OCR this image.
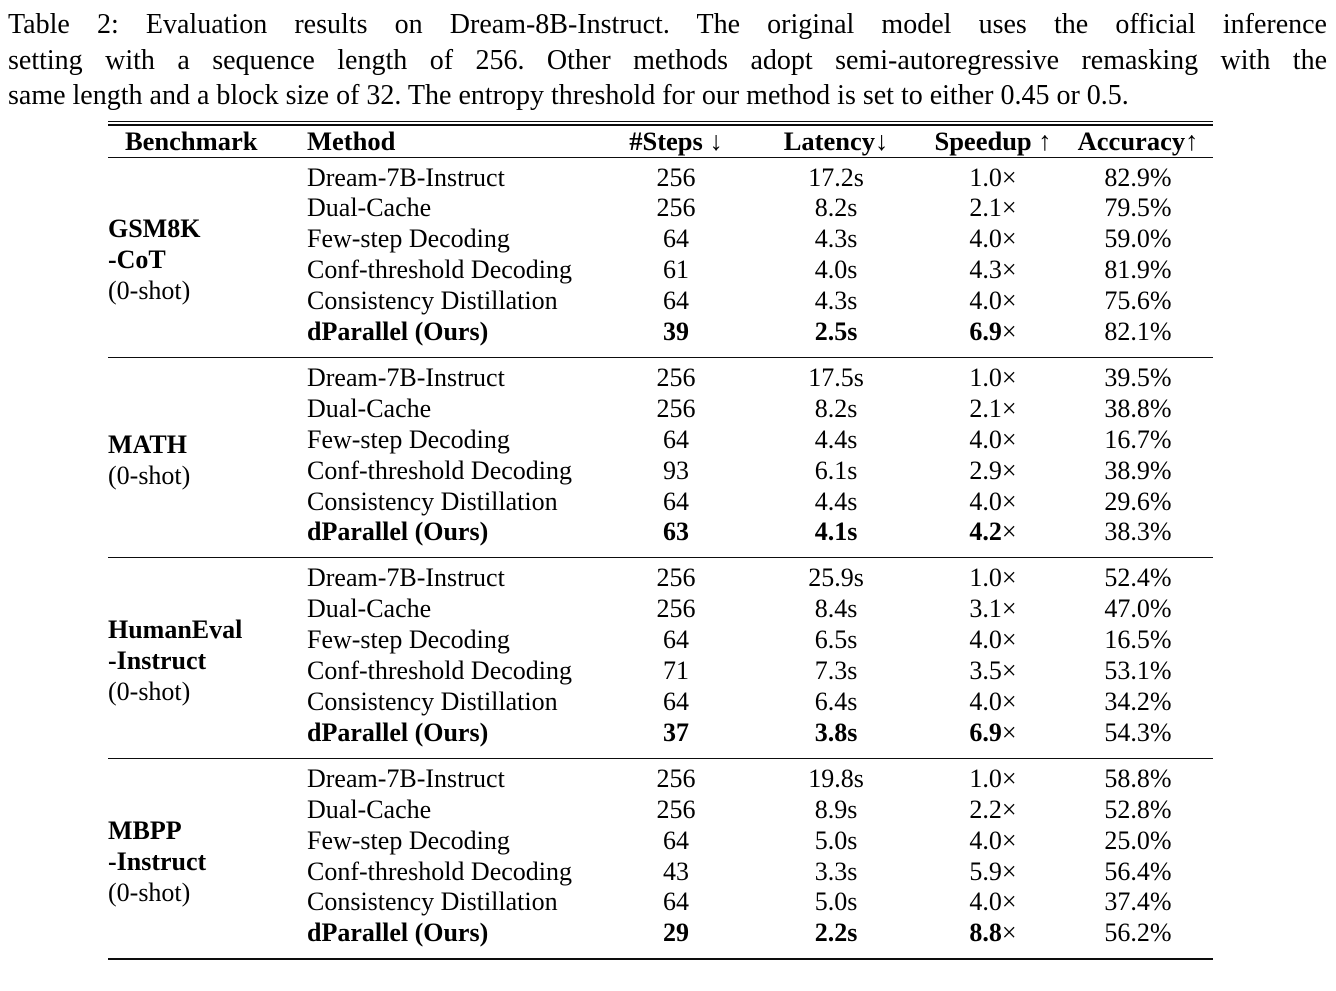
Table 2: Evaluation results on Dream-8B-Instruct. The original model uses the official inference
setting with a sequence length of 256. Other methods adopt semi-autoregressive remasking with the
same length and a block size of 32. The entropy threshold for our method is set to either 0.45 or 0.5.
Benchmark	Method	#Steps ↓	Latency↓	Speedup ↑	Accuracy↑

GSM8K
-CoT
(0-shot)	Dream-7B-Instruct	256	17.2s	1.0×	82.9%
	Dual-Cache	256	8.2s	2.1×	79.5%
	Few-step Decoding	64	4.3s	4.0×	59.0%
	Conf-threshold Decoding	61	4.0s	4.3×	81.9%
	Consistency Distillation	64	4.3s	4.0×	75.6%
	dParallel (Ours)	39	2.5s	6.9×	82.1%

MATH
(0-shot)	Dream-7B-Instruct	256	17.5s	1.0×	39.5%
	Dual-Cache	256	8.2s	2.1×	38.8%
	Few-step Decoding	64	4.4s	4.0×	16.7%
	Conf-threshold Decoding	93	6.1s	2.9×	38.9%
	Consistency Distillation	64	4.4s	4.0×	29.6%
	dParallel (Ours)	63	4.1s	4.2×	38.3%

HumanEval
-Instruct
(0-shot)	Dream-7B-Instruct	256	25.9s	1.0×	52.4%
	Dual-Cache	256	8.4s	3.1×	47.0%
	Few-step Decoding	64	6.5s	4.0×	16.5%
	Conf-threshold Decoding	71	7.3s	3.5×	53.1%
	Consistency Distillation	64	6.4s	4.0×	34.2%
	dParallel (Ours)	37	3.8s	6.9×	54.3%

MBPP
-Instruct
(0-shot)	Dream-7B-Instruct	256	19.8s	1.0×	58.8%
	Dual-Cache	256	8.9s	2.2×	52.8%
	Few-step Decoding	64	5.0s	4.0×	25.0%
	Conf-threshold Decoding	43	3.3s	5.9×	56.4%
	Consistency Distillation	64	5.0s	4.0×	37.4%
	dParallel (Ours)	29	2.2s	8.8×	56.2%
